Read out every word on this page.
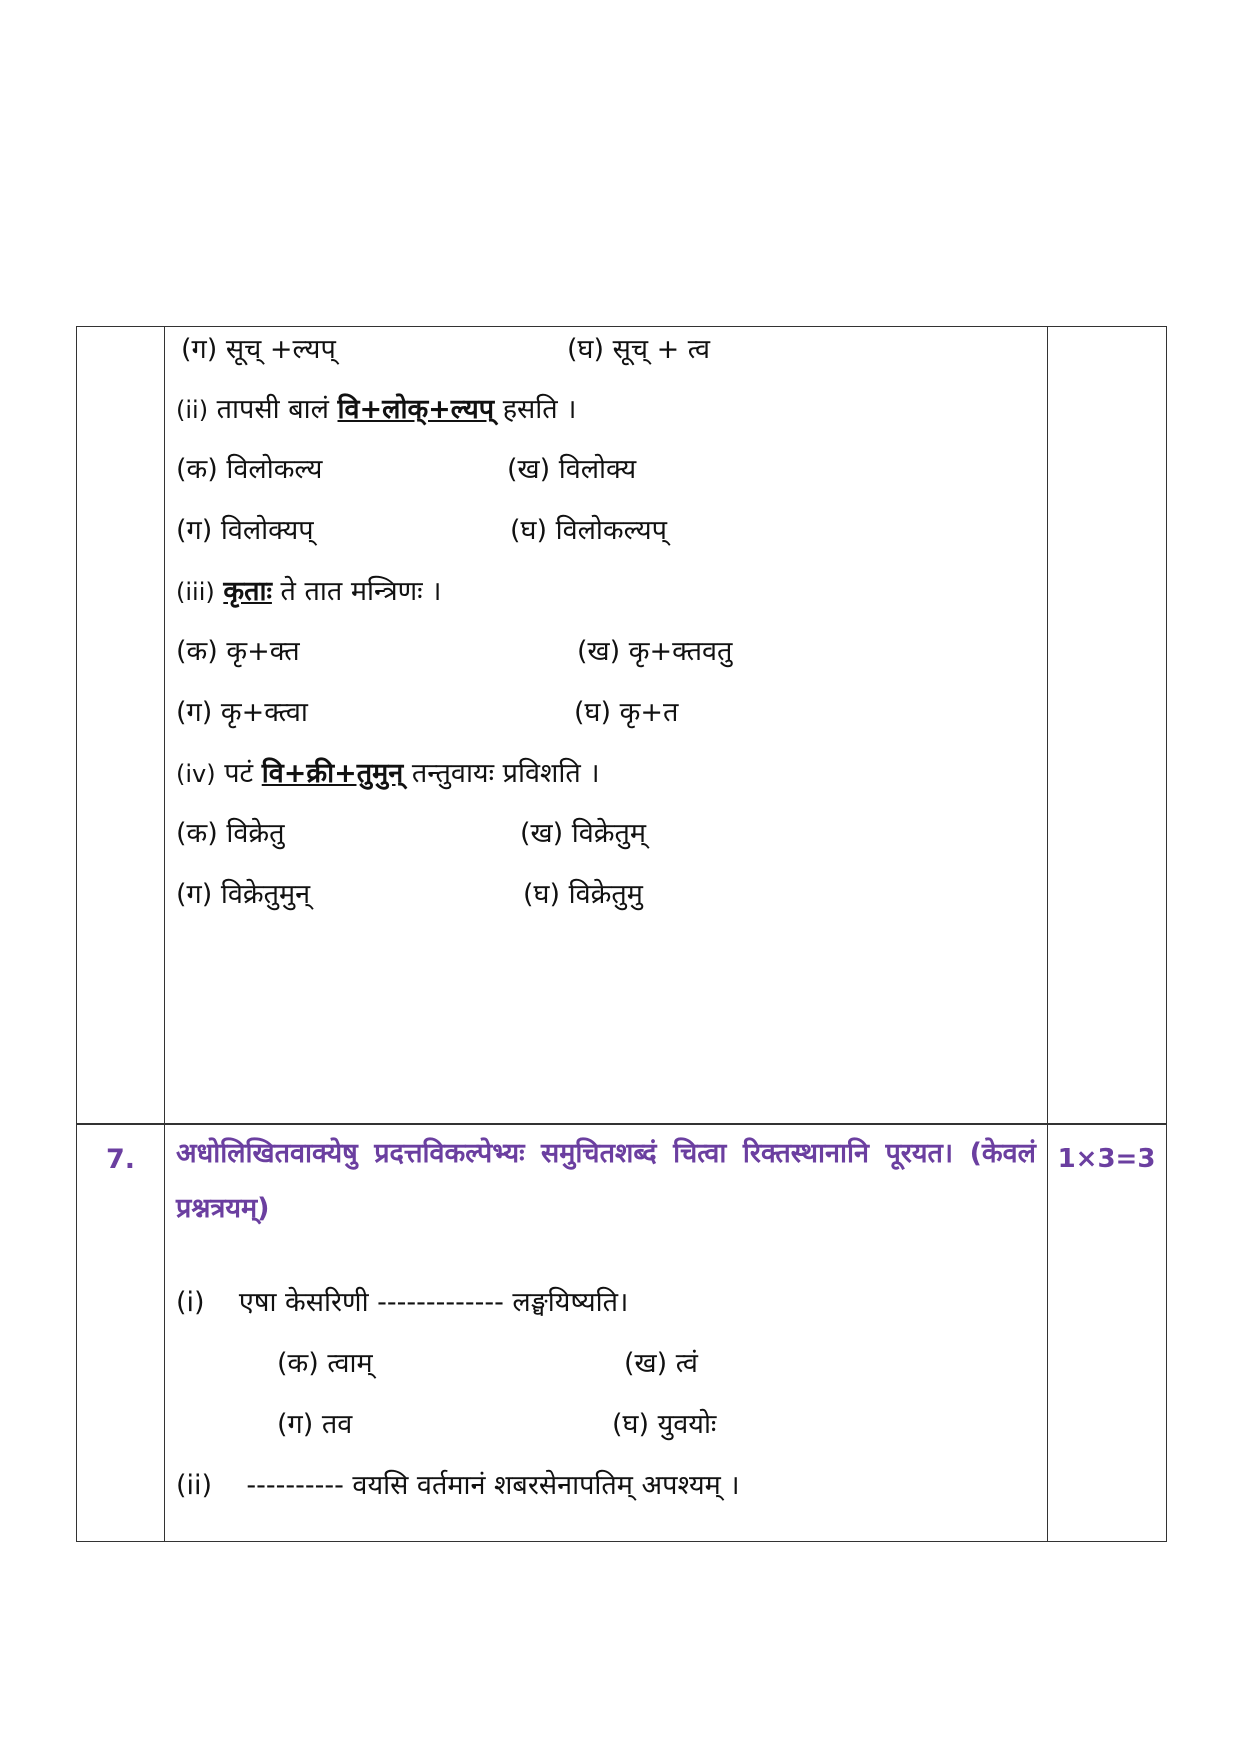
(ग) सूच् +ल्यप्	(घ) सूच् + त्व
(ii) तापसी बालं वि+लोक्+ल्यप् हसति ।
(क) विलोकल्य	(ख) विलोक्य
(ग) विलोक्यप्	(घ) विलोकल्यप्
(iii) कृताः ते तात मन्त्रिणः ।
(क) कृ+क्त	(ख) कृ+क्तवतु
(ग) कृ+क्त्वा	(घ) कृ+त
(iv) पटं वि+क्री+तुमुन् तन्तुवायः प्रविशति ।
(क) विक्रेतु	(ख) विक्रेतुम्
(ग) विक्रेतुमुन्	(घ) विक्रेतुमु
7.	1×3=3
अधोलिखितवाक्येषु प्रदत्तविकल्पेभ्यः समुचितशब्दं चित्वा रिक्तस्थानानि पूरयत। (केवलं प्रश्नत्रयम्)
(i) एषा केसरिणी ------------- लङ्घयिष्यति।
(क) त्वाम्	(ख) त्वं
(ग) तव	(घ) युवयोः
(ii) ---------- वयसि वर्तमानं शबरसेनापतिम् अपश्यम् ।
